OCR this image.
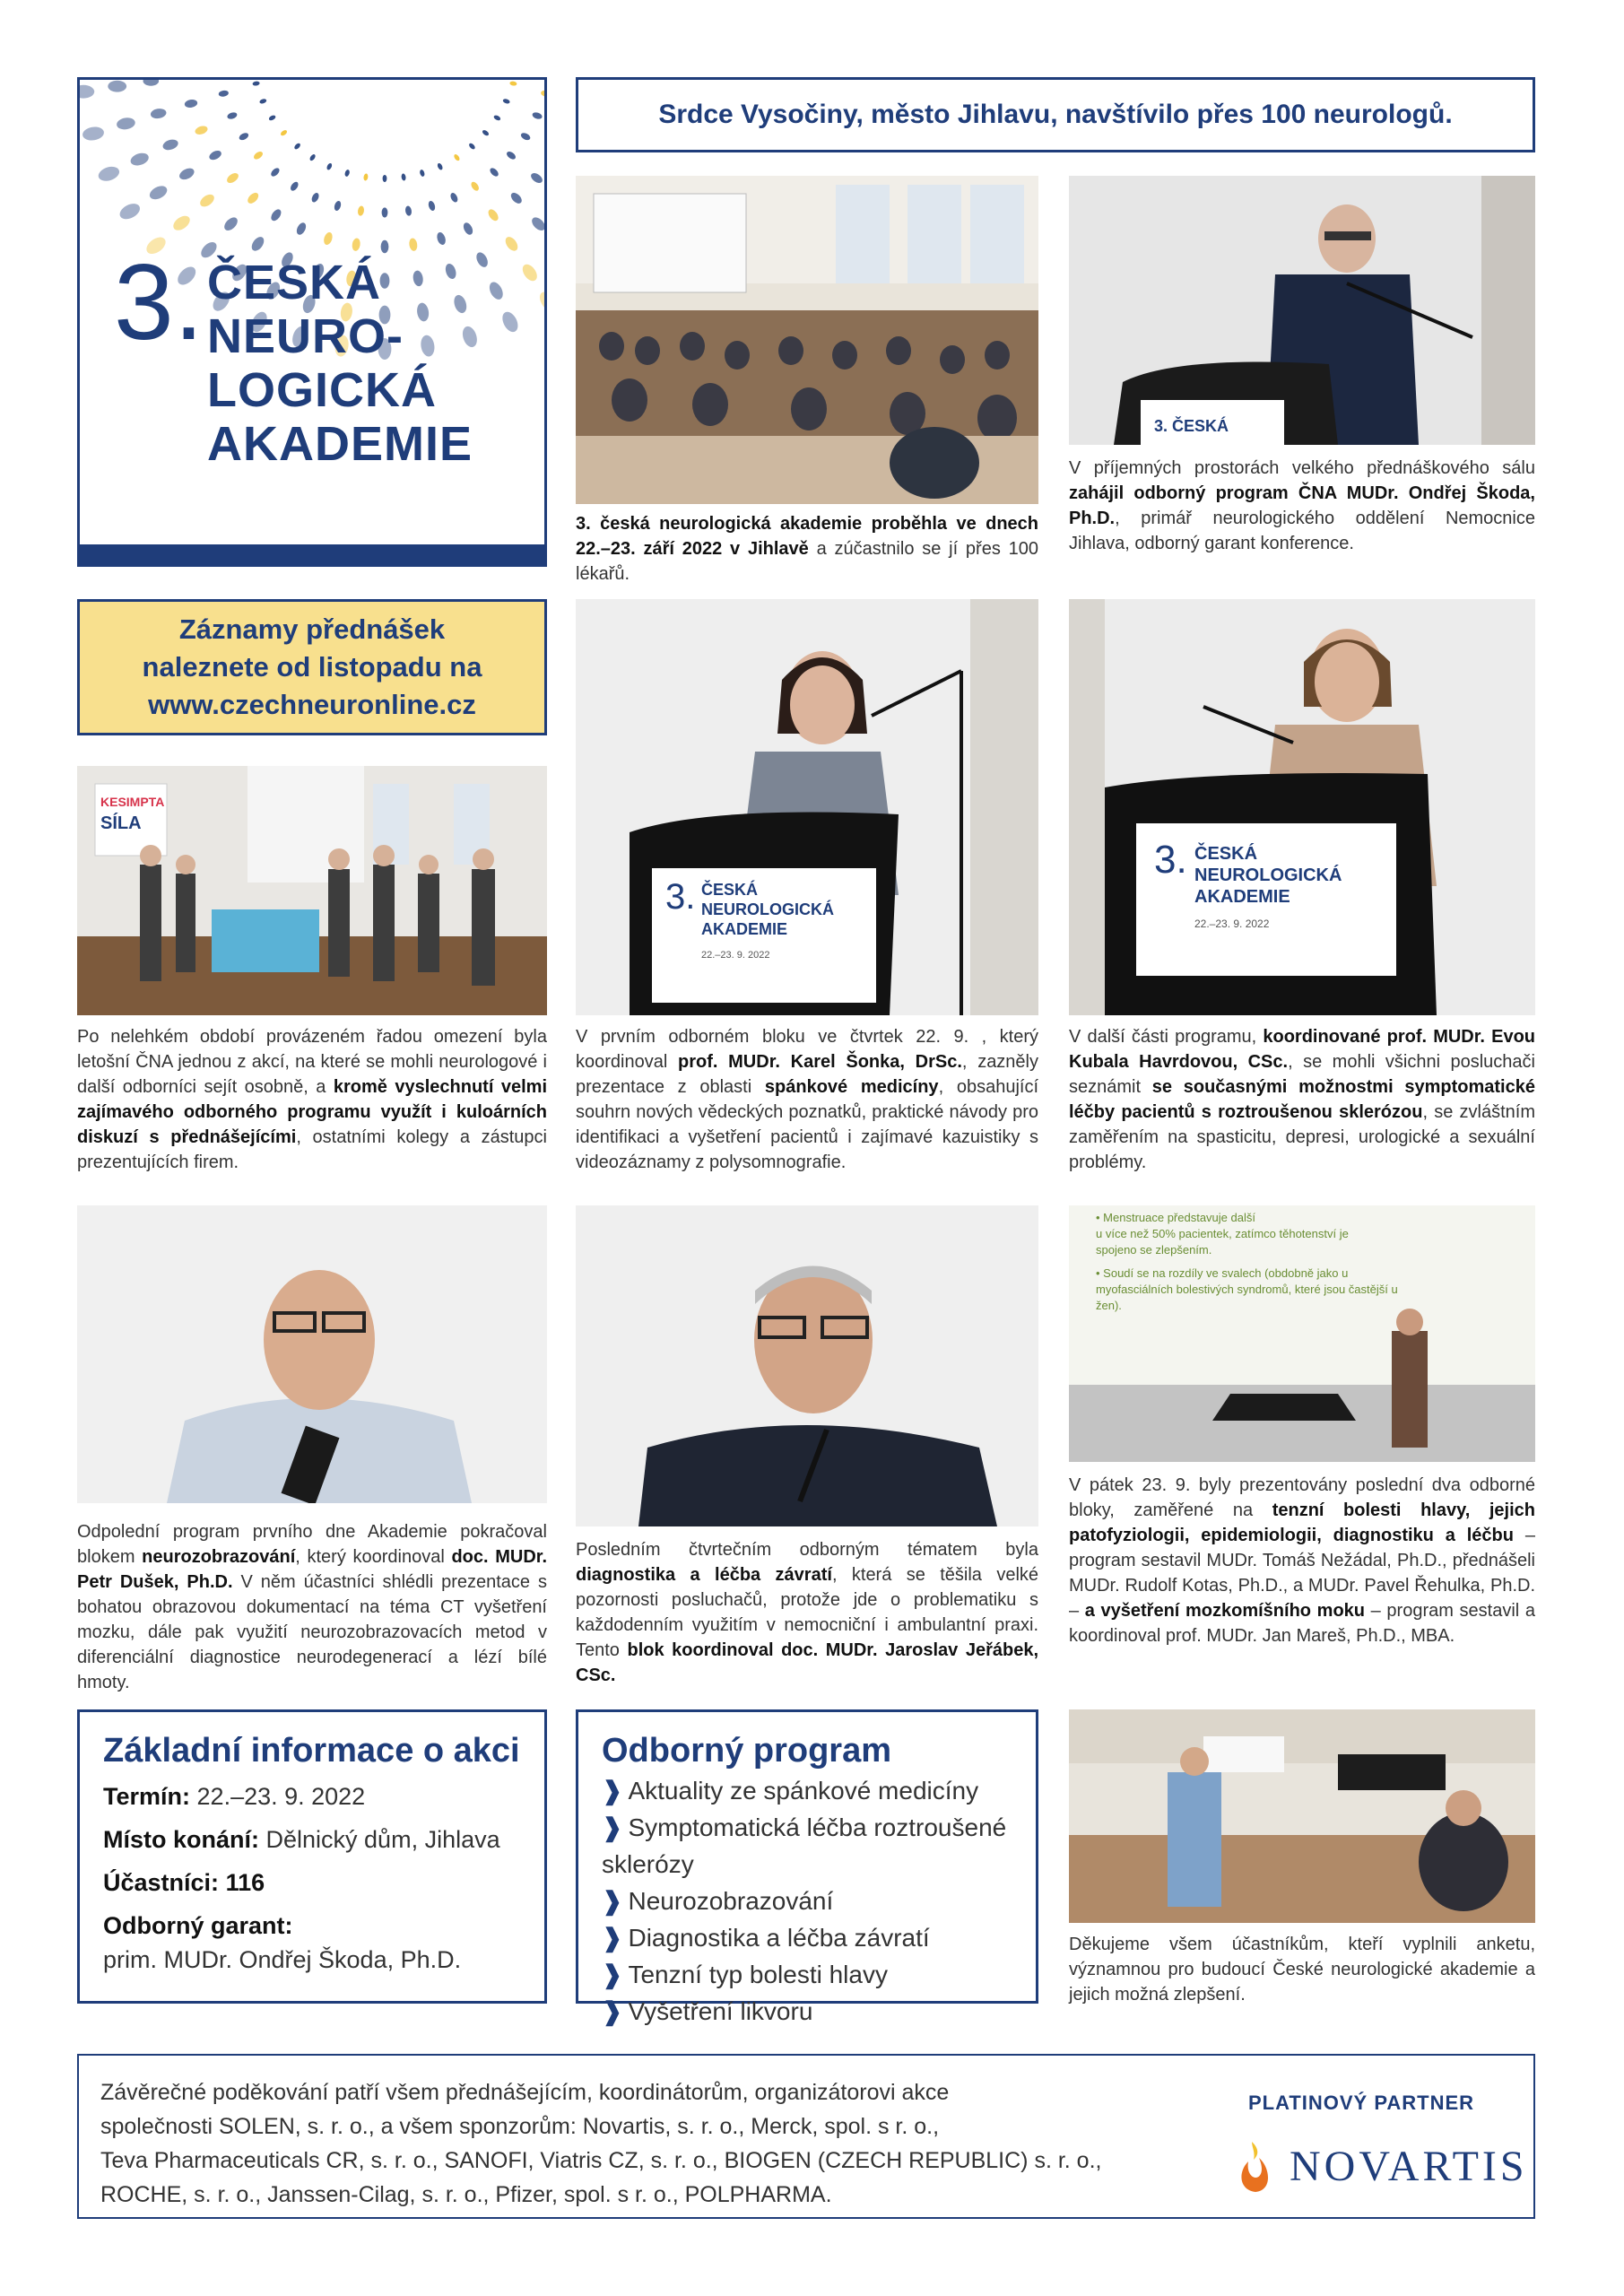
3. ČESKÁ
NEURO-
LOGICKÁ
AKADEMIE
Srdce Vysočiny, město Jihlavu, navštívilo přes 100 neurologů.
3. česká neurologická akademie proběhla ve dnech 22.–23. září 2022 v Jihlavě a zúčastnilo se jí přes 100 lékařů.
3. ČESKÁ
V příjemných prostorách velkého přednáškového sálu zahájil odborný program ČNA MUDr. Ondřej Škoda, Ph.D., primář neurologického oddělení Nemocnice Jihlava, odborný garant konference.
Záznamy přednášek
naleznete od listopadu na
www.czechneuronline.cz
KESIMPTA
SÍLA
Po nelehkém období provázeném řadou omezení byla letošní ČNA jednou z akcí, na které se mohli neurologové i další odborníci sejít osobně, a kromě vyslechnutí velmi zajímavého odborného programu využít i kuloárních diskuzí s přednášejícími, ostatními kolegy a zástupci prezentujících firem.
3. ČESKÁ
NEUROLOGICKÁ
AKADEMIE
22.–23. 9. 2022
V prvním odborném bloku ve čtvrtek 22. 9. , který koordinoval prof. MUDr. Karel Šonka, DrSc., zazněly prezentace z oblasti spánkové medicíny, obsahující souhrn nových vědeckých poznatků, praktické návody pro identifikaci a vyšetření pacientů i zajímavé kazuistiky s videozáznamy z polysomnografie.
3. ČESKÁ
NEUROLOGICKÁ
AKADEMIE
22.–23. 9. 2022
V další části programu, koordinované prof. MUDr. Evou Kubala Havrdovou, CSc., se mohli všichni posluchači seznámit se současnými možnostmi symptomatické léčby pacientů s roztroušenou sklerózou, se zvláštním zaměřením na spasticitu, depresi, urologické a sexuální problémy.
Odpolední program prvního dne Akademie pokračoval blokem neurozobrazování, který koordinoval doc. MUDr. Petr Dušek, Ph.D. V něm účastníci shlédli prezentace s bohatou obrazovou dokumentací na téma CT vyšetření mozku, dále pak využití neurozobrazovacích metod v diferenciální diagnostice neurodegenerací a lézí bílé hmoty.
Posledním čtvrtečním odborným tématem byla diagnostika a léčba závratí, která se těšila velké pozornosti posluchačů, protože jde o problematiku s každodenním využitím v nemocniční i ambulantní praxi. Tento blok koordinoval doc. MUDr. Jaroslav Jeřábek, CSc.
• Menstruace představuje další
u více než 50% pacientek, zatímco těhotenství je
spojeno se zlepšením.
• Soudí se na rozdíly ve svalech (obdobně jako u
myofasciálních bolestivých syndromů, které jsou častější u
žen).
V pátek 23. 9. byly prezentovány poslední dva odborné bloky, zaměřené na tenzní bolesti hlavy, jejich patofyziologii, epidemiologii, diagnostiku a léčbu – program sestavil MUDr. Tomáš Nežádal, Ph.D., přednášeli MUDr. Rudolf Kotas, Ph.D., a MUDr. Pavel Řehulka, Ph.D. – a vyšetření mozkomíšního moku – program sestavil a koordinoval prof. MUDr. Jan Mareš, Ph.D., MBA.
Základní informace o akci
Termín: 22.–23. 9. 2022
Místo konání: Dělnický dům, Jihlava
Účastníci: 116
Odborný garant:
prim. MUDr. Ondřej Škoda, Ph.D.
Odborný program
❱ Aktuality ze spánkové medicíny
❱ Symptomatická léčba roztroušené sklerózy
❱ Neurozobrazování
❱ Diagnostika a léčba závratí
❱ Tenzní typ bolesti hlavy
❱ Vyšetření likvoru
Děkujeme všem účastníkům, kteří vyplnili anketu, významnou pro budoucí České neurologické akademie a jejich možná zlepšení.
Závěrečné poděkování patří všem přednášejícím, koordinátorům, organizátorovi akce
společnosti SOLEN, s. r. o., a všem sponzorům: Novartis, s. r. o., Merck, spol. s r. o.,
Teva Pharmaceuticals CR, s. r. o., SANOFI, Viatris CZ, s. r. o., BIOGEN (CZECH REPUBLIC) s. r. o.,
ROCHE, s. r. o., Janssen-Cilag, s. r. o., Pfizer, spol. s r. o., POLPHARMA.
PLATINOVÝ PARTNER
NOVARTIS
